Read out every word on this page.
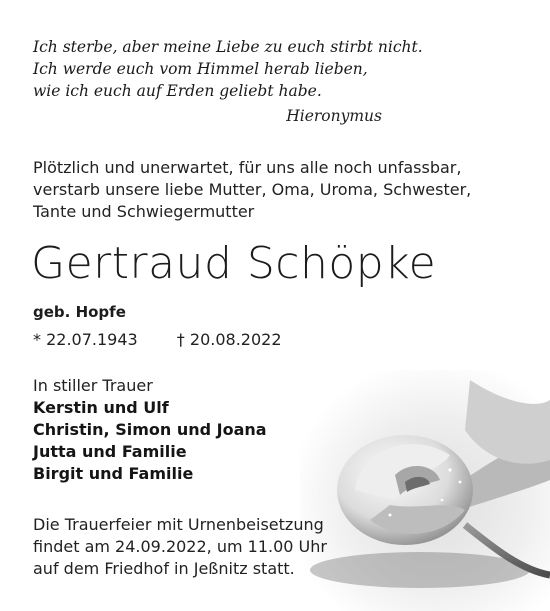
Ich sterbe, aber meine Liebe zu euch stirbt nicht.
Ich werde euch vom Himmel herab lieben,
wie ich euch auf Erden geliebt habe.
Hieronymus
Plötzlich und unerwartet, für uns alle noch unfassbar,
verstarb unsere liebe Mutter, Oma, Uroma, Schwester,
Tante und Schwiegermutter
Gertraud Schöpke
geb. Hopfe
* 22.07.1943 † 20.08.2022
In stiller Trauer
Kerstin und Ulf
Christin, Simon und Joana
Jutta und Familie
Birgit und Familie
Die Trauerfeier mit Urnenbeisetzung
findet am 24.09.2022, um 11.00 Uhr
auf dem Friedhof in Jeßnitz statt.
